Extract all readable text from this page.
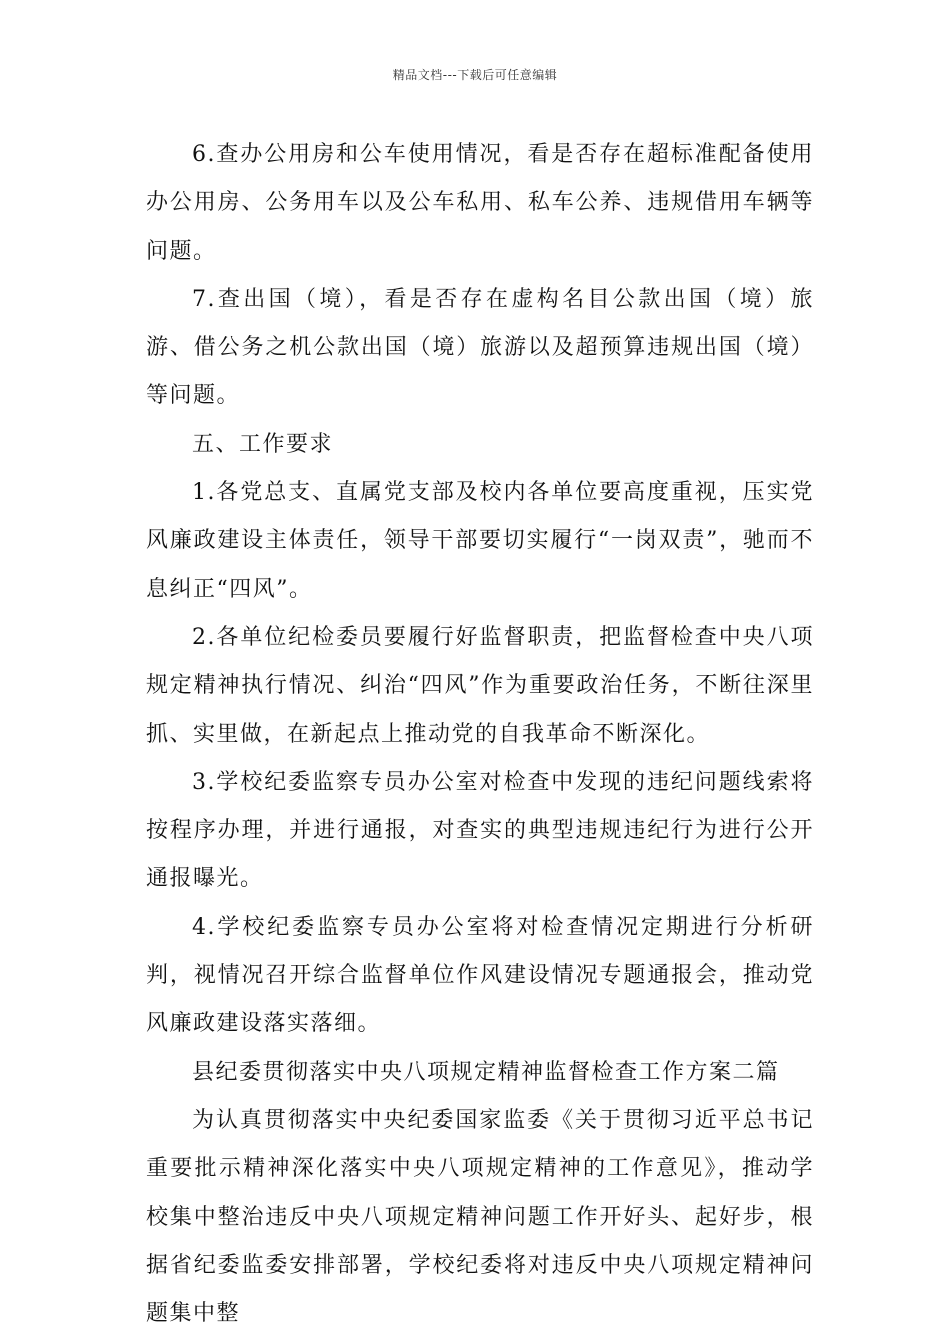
精品文档---下载后可任意编辑

6.查办公用房和公车使用情况，看是否存在超标准配备使用办公用房、公务用车以及公车私用、私车公养、违规借用车辆等问题。

7.查出国（境），看是否存在虚构名目公款出国（境）旅游、借公务之机公款出国（境）旅游以及超预算违规出国（境）等问题。

五、工作要求

1.各党总支、直属党支部及校内各单位要高度重视，压实党风廉政建设主体责任，领导干部要切实履行“一岗双责”，驰而不息纠正“四风”。

2.各单位纪检委员要履行好监督职责，把监督检查中央八项规定精神执行情况、纠治“四风”作为重要政治任务，不断往深里抓、实里做，在新起点上推动党的自我革命不断深化。

3.学校纪委监察专员办公室对检查中发现的违纪问题线索将按程序办理，并进行通报，对查实的典型违规违纪行为进行公开通报曝光。

4.学校纪委监察专员办公室将对检查情况定期进行分析研判，视情况召开综合监督单位作风建设情况专题通报会，推动党风廉政建设落实落细。

县纪委贯彻落实中央八项规定精神监督检查工作方案二篇

为认真贯彻落实中央纪委国家监委《关于贯彻习近平总书记重要批示精神深化落实中央八项规定精神的工作意见》，推动学校集中整治违反中央八项规定精神问题工作开好头、起好步，根据省纪委监委安排部署，学校纪委将对违反中央八项规定精神问题集中整
